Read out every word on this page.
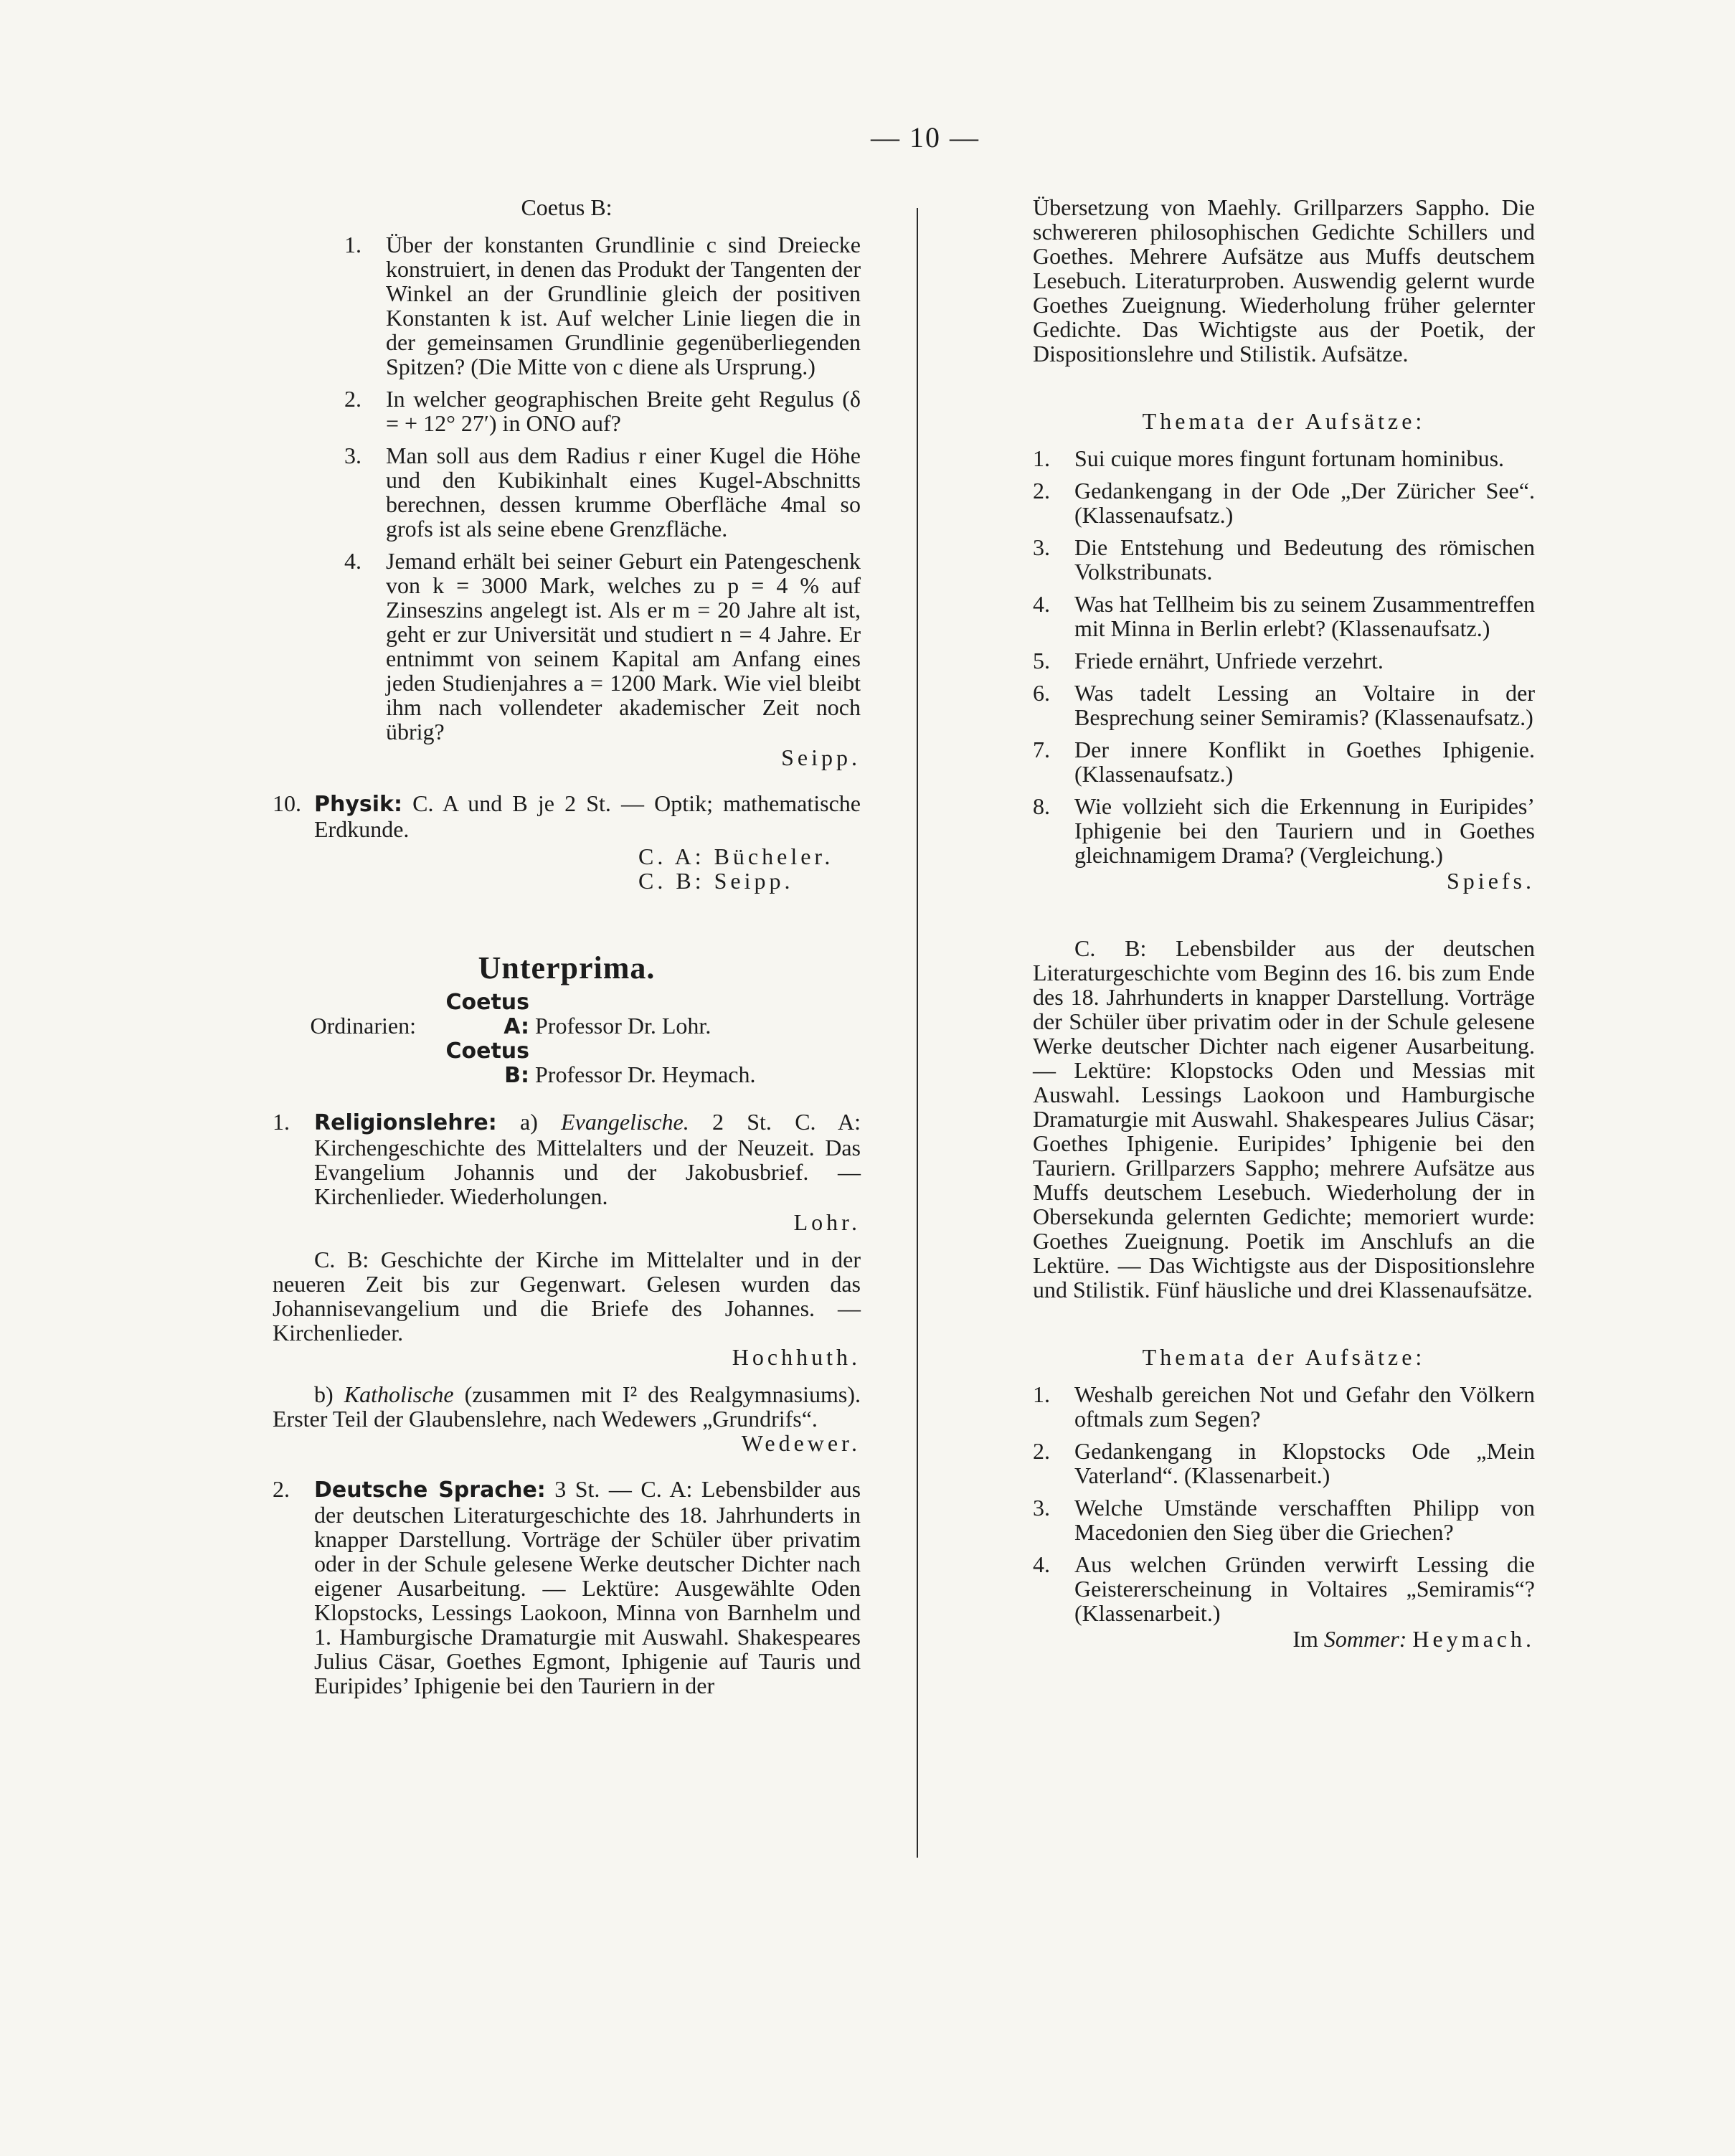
— 10 —

Coetus B:

1. Über der konstanten Grundlinie c sind Dreiecke konstruiert, in denen das Produkt der Tangenten der Winkel an der Grundlinie gleich der positiven Konstanten k ist. Auf welcher Linie liegen die in der gemeinsamen Grundlinie gegenüberliegenden Spitzen? (Die Mitte von c diene als Ursprung.)
2. In welcher geographischen Breite geht Regulus (δ = + 12° 27′) in ONO auf?
3. Man soll aus dem Radius r einer Kugel die Höhe und den Kubikinhalt eines Kugel-Abschnitts berechnen, dessen krumme Oberfläche 4mal so grofs ist als seine ebene Grenzfläche.
4. Jemand erhält bei seiner Geburt ein Patengeschenk von k = 3000 Mark, welches zu p = 4 % auf Zinseszins angelegt ist. Als er m = 20 Jahre alt ist, geht er zur Universität und studiert n = 4 Jahre. Er entnimmt von seinem Kapital am Anfang eines jeden Studienjahres a = 1200 Mark. Wie viel bleibt ihm nach vollendeter akademischer Zeit noch übrig?

Seipp.

10. Physik: C. A und B je 2 St. — Optik; mathematische Erdkunde.

C. A: Bücheler.

C. B: Seipp.

Unterprima.

Ordinarien: Coetus A: Professor Dr. Lohr.

Coetus B: Professor Dr. Heymach.

1. Religionslehre: a) Evangelische. 2 St. C. A: Kirchengeschichte des Mittelalters und der Neuzeit. Das Evangelium Johannis und der Jakobusbrief. — Kirchenlieder. Wiederholungen.

Lohr.

C. B: Geschichte der Kirche im Mittelalter und in der neueren Zeit bis zur Gegenwart. Gelesen wurden das Johannisevangelium und die Briefe des Johannes. — Kirchenlieder.

Hochhuth.

b) Katholische (zusammen mit I² des Realgymnasiums). Erster Teil der Glaubenslehre, nach Wedewers „Grundrifs“.
Wedewer.

2. Deutsche Sprache: 3 St. — C. A: Lebensbilder aus der deutschen Literaturgeschichte des 18. Jahrhunderts in knapper Darstellung. Vorträge der Schüler über privatim oder in der Schule gelesene Werke deutscher Dichter nach eigener Ausarbeitung. — Lektüre: Ausgewählte Oden Klopstocks, Lessings Laokoon, Minna von Barnhelm und 1. Hamburgische Dramaturgie mit Auswahl. Shakespeares Julius Cäsar, Goethes Egmont, Iphigenie auf Tauris und Euripides’ Iphigenie bei den Tauriern in der

Übersetzung von Maehly. Grillparzers Sappho. Die schwereren philosophischen Gedichte Schillers und Goethes. Mehrere Aufsätze aus Muffs deutschem Lesebuch. Literaturproben. Auswendig gelernt wurde Goethes Zueignung. Wiederholung früher gelernter Gedichte. Das Wichtigste aus der Poetik, der Dispositionslehre und Stilistik. Aufsätze.

Themata der Aufsätze:

1. Sui cuique mores fingunt fortunam hominibus.
2. Gedankengang in der Ode „Der Züricher See“. (Klassenaufsatz.)
3. Die Entstehung und Bedeutung des römischen Volkstribunats.
4. Was hat Tellheim bis zu seinem Zusammentreffen mit Minna in Berlin erlebt? (Klassenaufsatz.)
5. Friede ernährt, Unfriede verzehrt.
6. Was tadelt Lessing an Voltaire in der Besprechung seiner Semiramis? (Klassenaufsatz.)
7. Der innere Konflikt in Goethes Iphigenie. (Klassenaufsatz.)
8. Wie vollzieht sich die Erkennung in Euripides’ Iphigenie bei den Tauriern und in Goethes gleichnamigem Drama? (Vergleichung.)

Spiefs.

C. B: Lebensbilder aus der deutschen Literaturgeschichte vom Beginn des 16. bis zum Ende des 18. Jahrhunderts in knapper Darstellung. Vorträge der Schüler über privatim oder in der Schule gelesene Werke deutscher Dichter nach eigener Ausarbeitung. — Lektüre: Klopstocks Oden und Messias mit Auswahl. Lessings Laokoon und Hamburgische Dramaturgie mit Auswahl. Shakespeares Julius Cäsar; Goethes Iphigenie. Euripides’ Iphigenie bei den Tauriern. Grillparzers Sappho; mehrere Aufsätze aus Muffs deutschem Lesebuch. Wiederholung der in Obersekunda gelernten Gedichte; memoriert wurde: Goethes Zueignung. Poetik im Anschlufs an die Lektüre. — Das Wichtigste aus der Dispositionslehre und Stilistik. Fünf häusliche und drei Klassenaufsätze.

Themata der Aufsätze:

1. Weshalb gereichen Not und Gefahr den Völkern oftmals zum Segen?
2. Gedankengang in Klopstocks Ode „Mein Vaterland“. (Klassenarbeit.)
3. Welche Umstände verschafften Philipp von Macedonien den Sieg über die Griechen?
4. Aus welchen Gründen verwirft Lessing die Geistererscheinung in Voltaires „Semiramis“? (Klassenarbeit.)

Im Sommer: Heymach.
